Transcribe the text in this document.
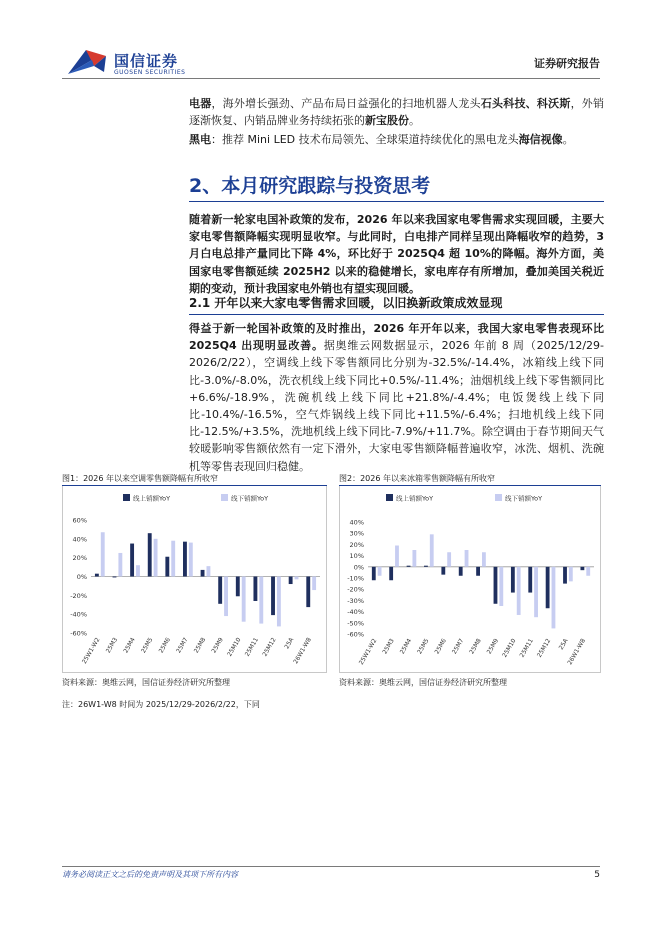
国信证券
GUOSEN SECURITIES
证券研究报告

电器，海外增长强劲、产品布局日益强化的扫地机器人龙头石头科技、科沃斯，外销逐渐恢复、内销品牌业务持续拓张的新宝股份。

黑电：推荐 Mini LED 技术布局领先、全球渠道持续优化的黑电龙头海信视像。

2、本月研究跟踪与投资思考

随着新一轮家电国补政策的发布，2026 年以来我国家电零售需求实现回暖，主要大家电零售额降幅实现明显收窄。与此同时，白电排产同样呈现出降幅收窄的趋势，3 月白电总排产量同比下降 4%，环比好于 2025Q4 超 10%的降幅。海外方面，美国家电零售额延续 2025H2 以来的稳健增长，家电库存有所增加，叠加美国关税近期的变动，预计我国家电外销也有望实现回暖。

2.1 开年以来大家电零售需求回暖，以旧换新政策成效显现

得益于新一轮国补政策的及时推出，2026 年开年以来，我国大家电零售表现环比 2025Q4 出现明显改善。据奥维云网数据显示，2026 年前 8 周（2025/12/29-2026/2/22），空调线上线下零售额同比分别为-32.5%/-14.4%，冰箱线上线下同比-3.0%/-8.0%，洗衣机线上线下同比+0.5%/-11.4%；油烟机线上线下零售额同比+6.6%/-18.9%，洗碗机线上线下同比+21.8%/-4.4%；电饭煲线上线下同比-10.4%/-16.5%，空气炸锅线上线下同比+11.5%/-6.4%；扫地机线上线下同比-12.5%/+3.5%，洗地机线上线下同比-7.9%/+11.7%。除空调由于春节期间天气较暖影响零售额依然有一定下滑外，大家电零售额降幅普遍收窄，冰洗、烟机、洗碗机等零售表现回归稳健。

图1：2026 年以来空调零售额降幅有所收窄
线上销额YoY	线下销额YoY
60%
40%
20%
0%
-20%
-40%
-60%
25W1-W2 25M3 25M4 25M5 25M6 25M7 25M8 25M9 25M10 25M11 25M12 25A
26W1-W8
资料来源：奥维云网，国信证券经济研究所整理
图2：2026 年以来冰箱零售额降幅有所收窄
线上销额YoY	线下销额YoY
40%
30%
20%
10%
0%
-10%
-20%
-30%
-40%
-50%
-60%
25W1-W2 25M3 25M4 25M5 25M6 25M7 25M8 25M9 25M10 25M11 25M12 25A
26W1-W8
资料来源：奥维云网，国信证券经济研究所整理
注：26W1-W8 时间为 2025/12/29-2026/2/22，下同
请务必阅读正文之后的免责声明及其项下所有内容	5
